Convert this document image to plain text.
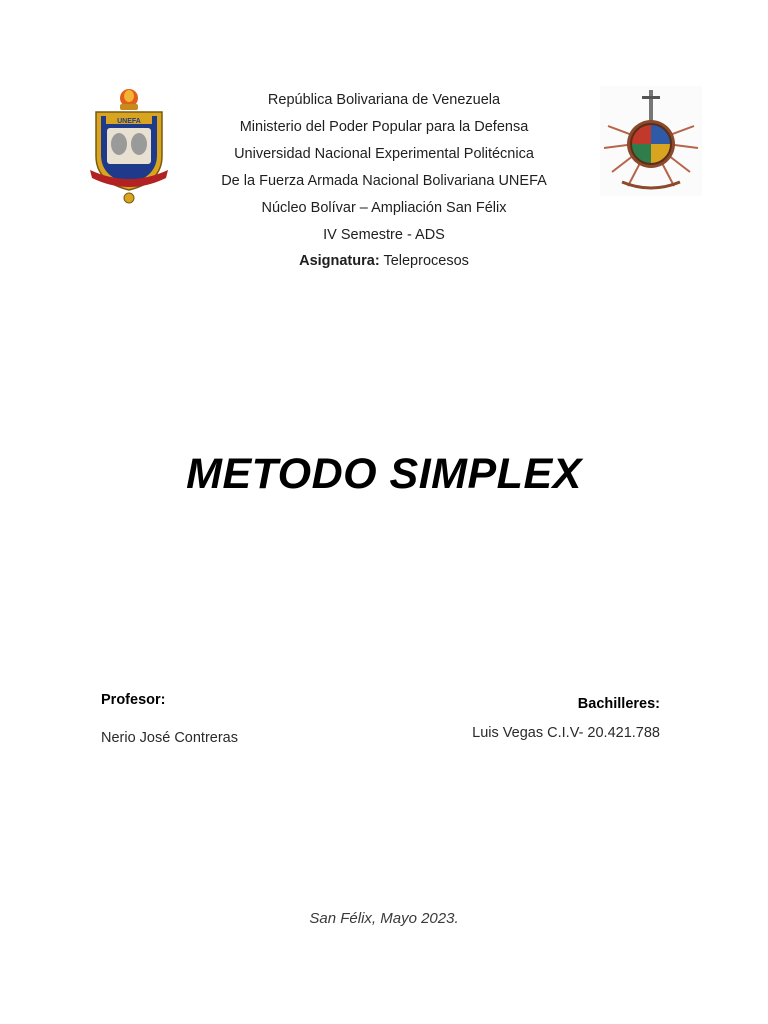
UNEFA
República Bolivariana de Venezuela
Ministerio del Poder Popular para la Defensa
Universidad Nacional Experimental Politécnica
De la Fuerza Armada Nacional Bolivariana UNEFA
Núcleo Bolívar – Ampliación San Félix
IV Semestre - ADS
Asignatura: Teleprocesos
METODO SIMPLEX
Profesor:
Nerio José Contreras
Bachilleres:
Luis Vegas C.I.V- 20.421.788
San Félix, Mayo 2023.
